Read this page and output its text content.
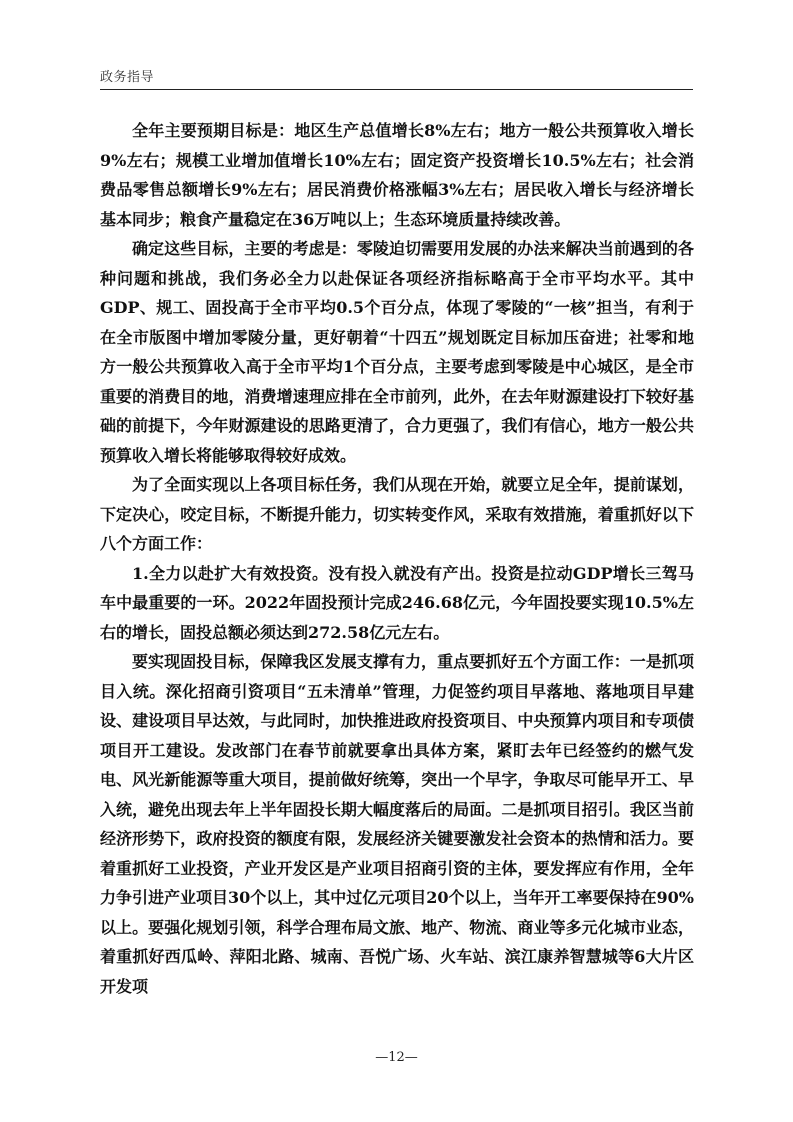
政务指导

全年主要预期目标是：地区生产总值增长8%左右；地方一般公共预算收入增长9%左右；规模工业增加值增长10%左右；固定资产投资增长10.5%左右；社会消费品零售总额增长9%左右；居民消费价格涨幅3%左右；居民收入增长与经济增长基本同步；粮食产量稳定在36万吨以上；生态环境质量持续改善。

确定这些目标，主要的考虑是：零陵迫切需要用发展的办法来解决当前遇到的各种问题和挑战，我们务必全力以赴保证各项经济指标略高于全市平均水平。其中GDP、规工、固投高于全市平均0.5个百分点，体现了零陵的“一核”担当，有利于在全市版图中增加零陵分量，更好朝着“十四五”规划既定目标加压奋进；社零和地方一般公共预算收入高于全市平均1个百分点，主要考虑到零陵是中心城区，是全市重要的消费目的地，消费增速理应排在全市前列，此外，在去年财源建设打下较好基础的前提下，今年财源建设的思路更清了，合力更强了，我们有信心，地方一般公共预算收入增长将能够取得较好成效。

为了全面实现以上各项目标任务，我们从现在开始，就要立足全年，提前谋划，下定决心，咬定目标，不断提升能力，切实转变作风，采取有效措施，着重抓好以下八个方面工作：

1.全力以赴扩大有效投资。没有投入就没有产出。投资是拉动GDP增长三驾马车中最重要的一环。2022年固投预计完成246.68亿元，今年固投要实现10.5%左右的增长，固投总额必须达到272.58亿元左右。

要实现固投目标，保障我区发展支撑有力，重点要抓好五个方面工作：一是抓项目入统。深化招商引资项目“五未清单”管理，力促签约项目早落地、落地项目早建设、建设项目早达效，与此同时，加快推进政府投资项目、中央预算内项目和专项债项目开工建设。发改部门在春节前就要拿出具体方案，紧盯去年已经签约的燃气发电、风光新能源等重大项目，提前做好统筹，突出一个早字，争取尽可能早开工、早入统，避免出现去年上半年固投长期大幅度落后的局面。二是抓项目招引。我区当前经济形势下，政府投资的额度有限，发展经济关键要激发社会资本的热情和活力。要着重抓好工业投资，产业开发区是产业项目招商引资的主体，要发挥应有作用，全年力争引进产业项目30个以上，其中过亿元项目20个以上，当年开工率要保持在90%以上。要强化规划引领，科学合理布局文旅、地产、物流、商业等多元化城市业态，着重抓好西瓜岭、萍阳北路、城南、吾悦广场、火车站、滨江康养智慧城等6大片区开发项

—12—
